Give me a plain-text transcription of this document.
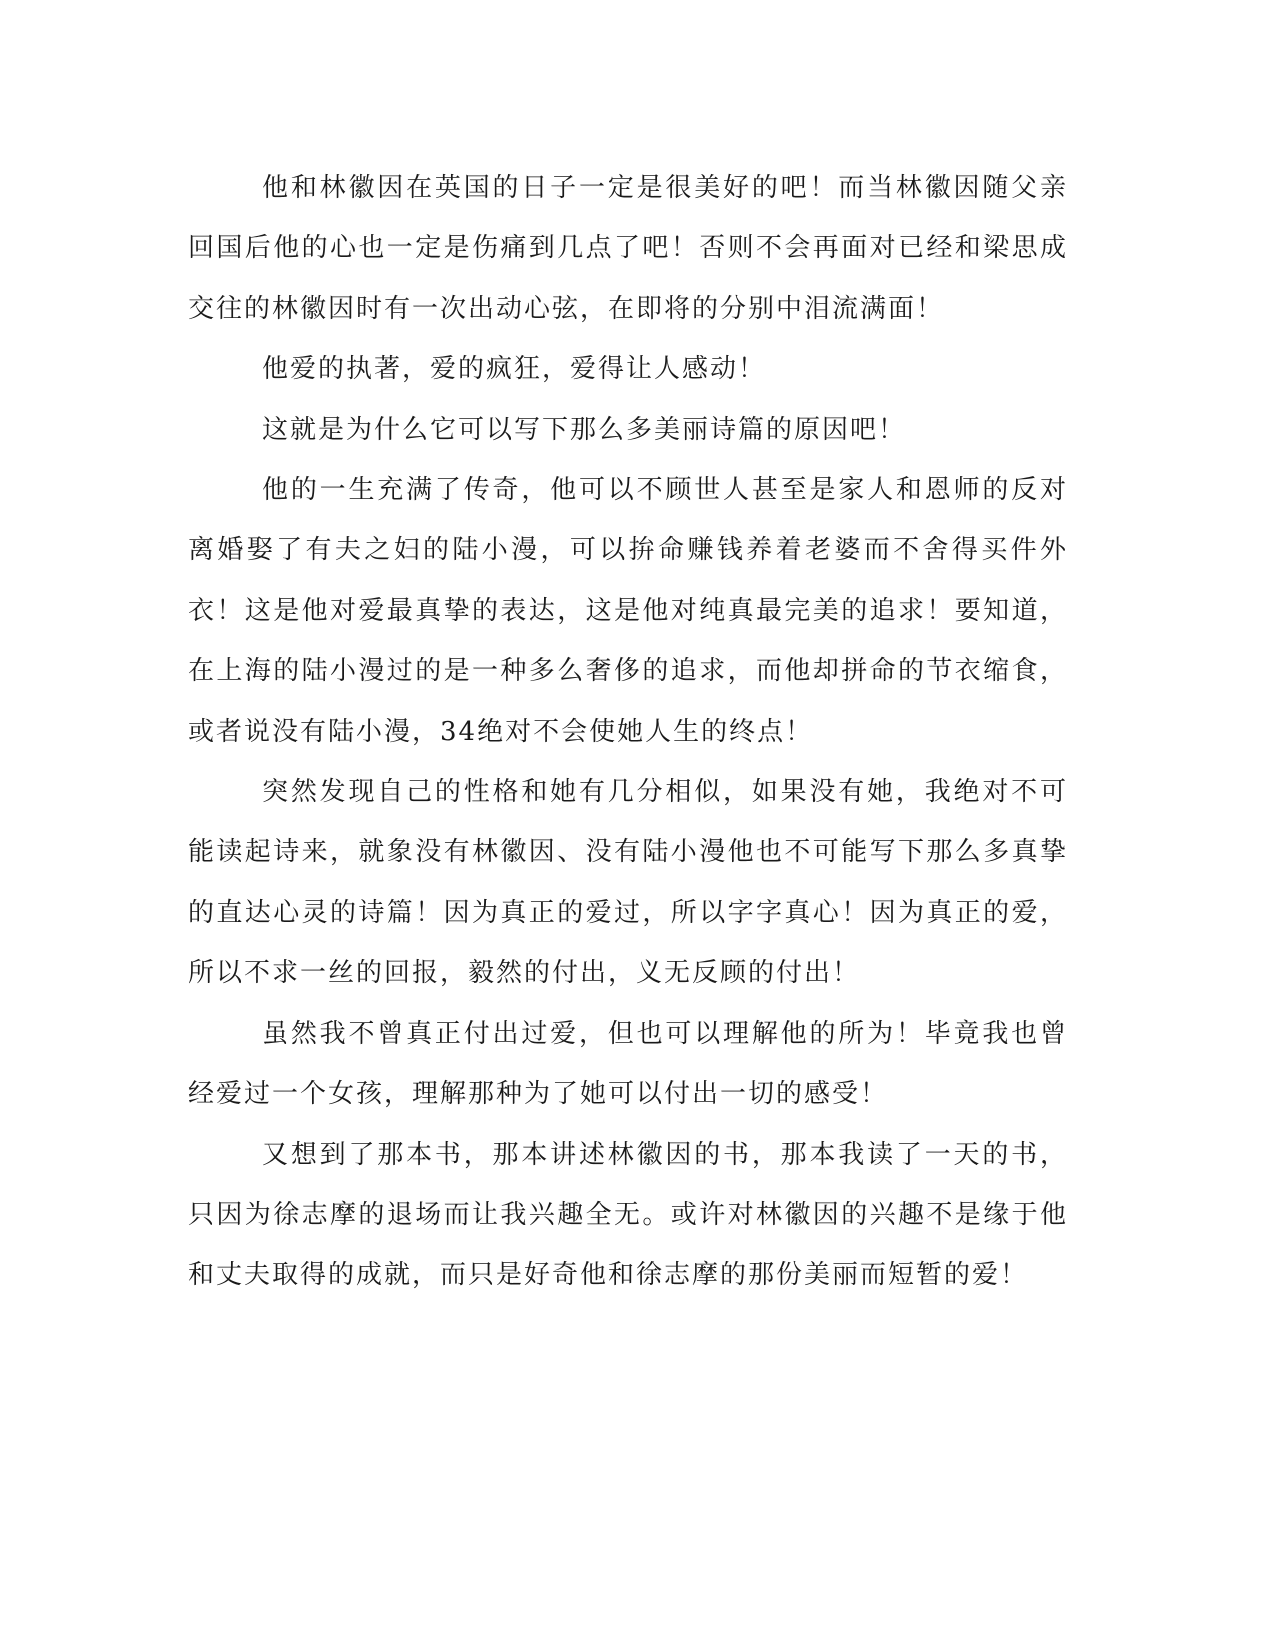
他和林徽因在英国的日子一定是很美好的吧！而当林徽因随父亲回国后他的心也一定是伤痛到几点了吧！否则不会再面对已经和梁思成交往的林徽因时有一次出动心弦，在即将的分别中泪流满面！

他爱的执著，爱的疯狂，爱得让人感动！

这就是为什么它可以写下那么多美丽诗篇的原因吧！

他的一生充满了传奇，他可以不顾世人甚至是家人和恩师的反对离婚娶了有夫之妇的陆小漫，可以拚命赚钱养着老婆而不舍得买件外衣！这是他对爱最真挚的表达，这是他对纯真最完美的追求！要知道，在上海的陆小漫过的是一种多么奢侈的追求，而他却拼命的节衣缩食，或者说没有陆小漫，34绝对不会使她人生的终点！

突然发现自己的性格和她有几分相似，如果没有她，我绝对不可能读起诗来，就象没有林徽因、没有陆小漫他也不可能写下那么多真挚的直达心灵的诗篇！因为真正的爱过，所以字字真心！因为真正的爱，所以不求一丝的回报，毅然的付出，义无反顾的付出！

虽然我不曾真正付出过爱，但也可以理解他的所为！毕竟我也曾经爱过一个女孩，理解那种为了她可以付出一切的感受！

又想到了那本书，那本讲述林徽因的书，那本我读了一天的书，只因为徐志摩的退场而让我兴趣全无。或许对林徽因的兴趣不是缘于他和丈夫取得的成就，而只是好奇他和徐志摩的那份美丽而短暂的爱！
